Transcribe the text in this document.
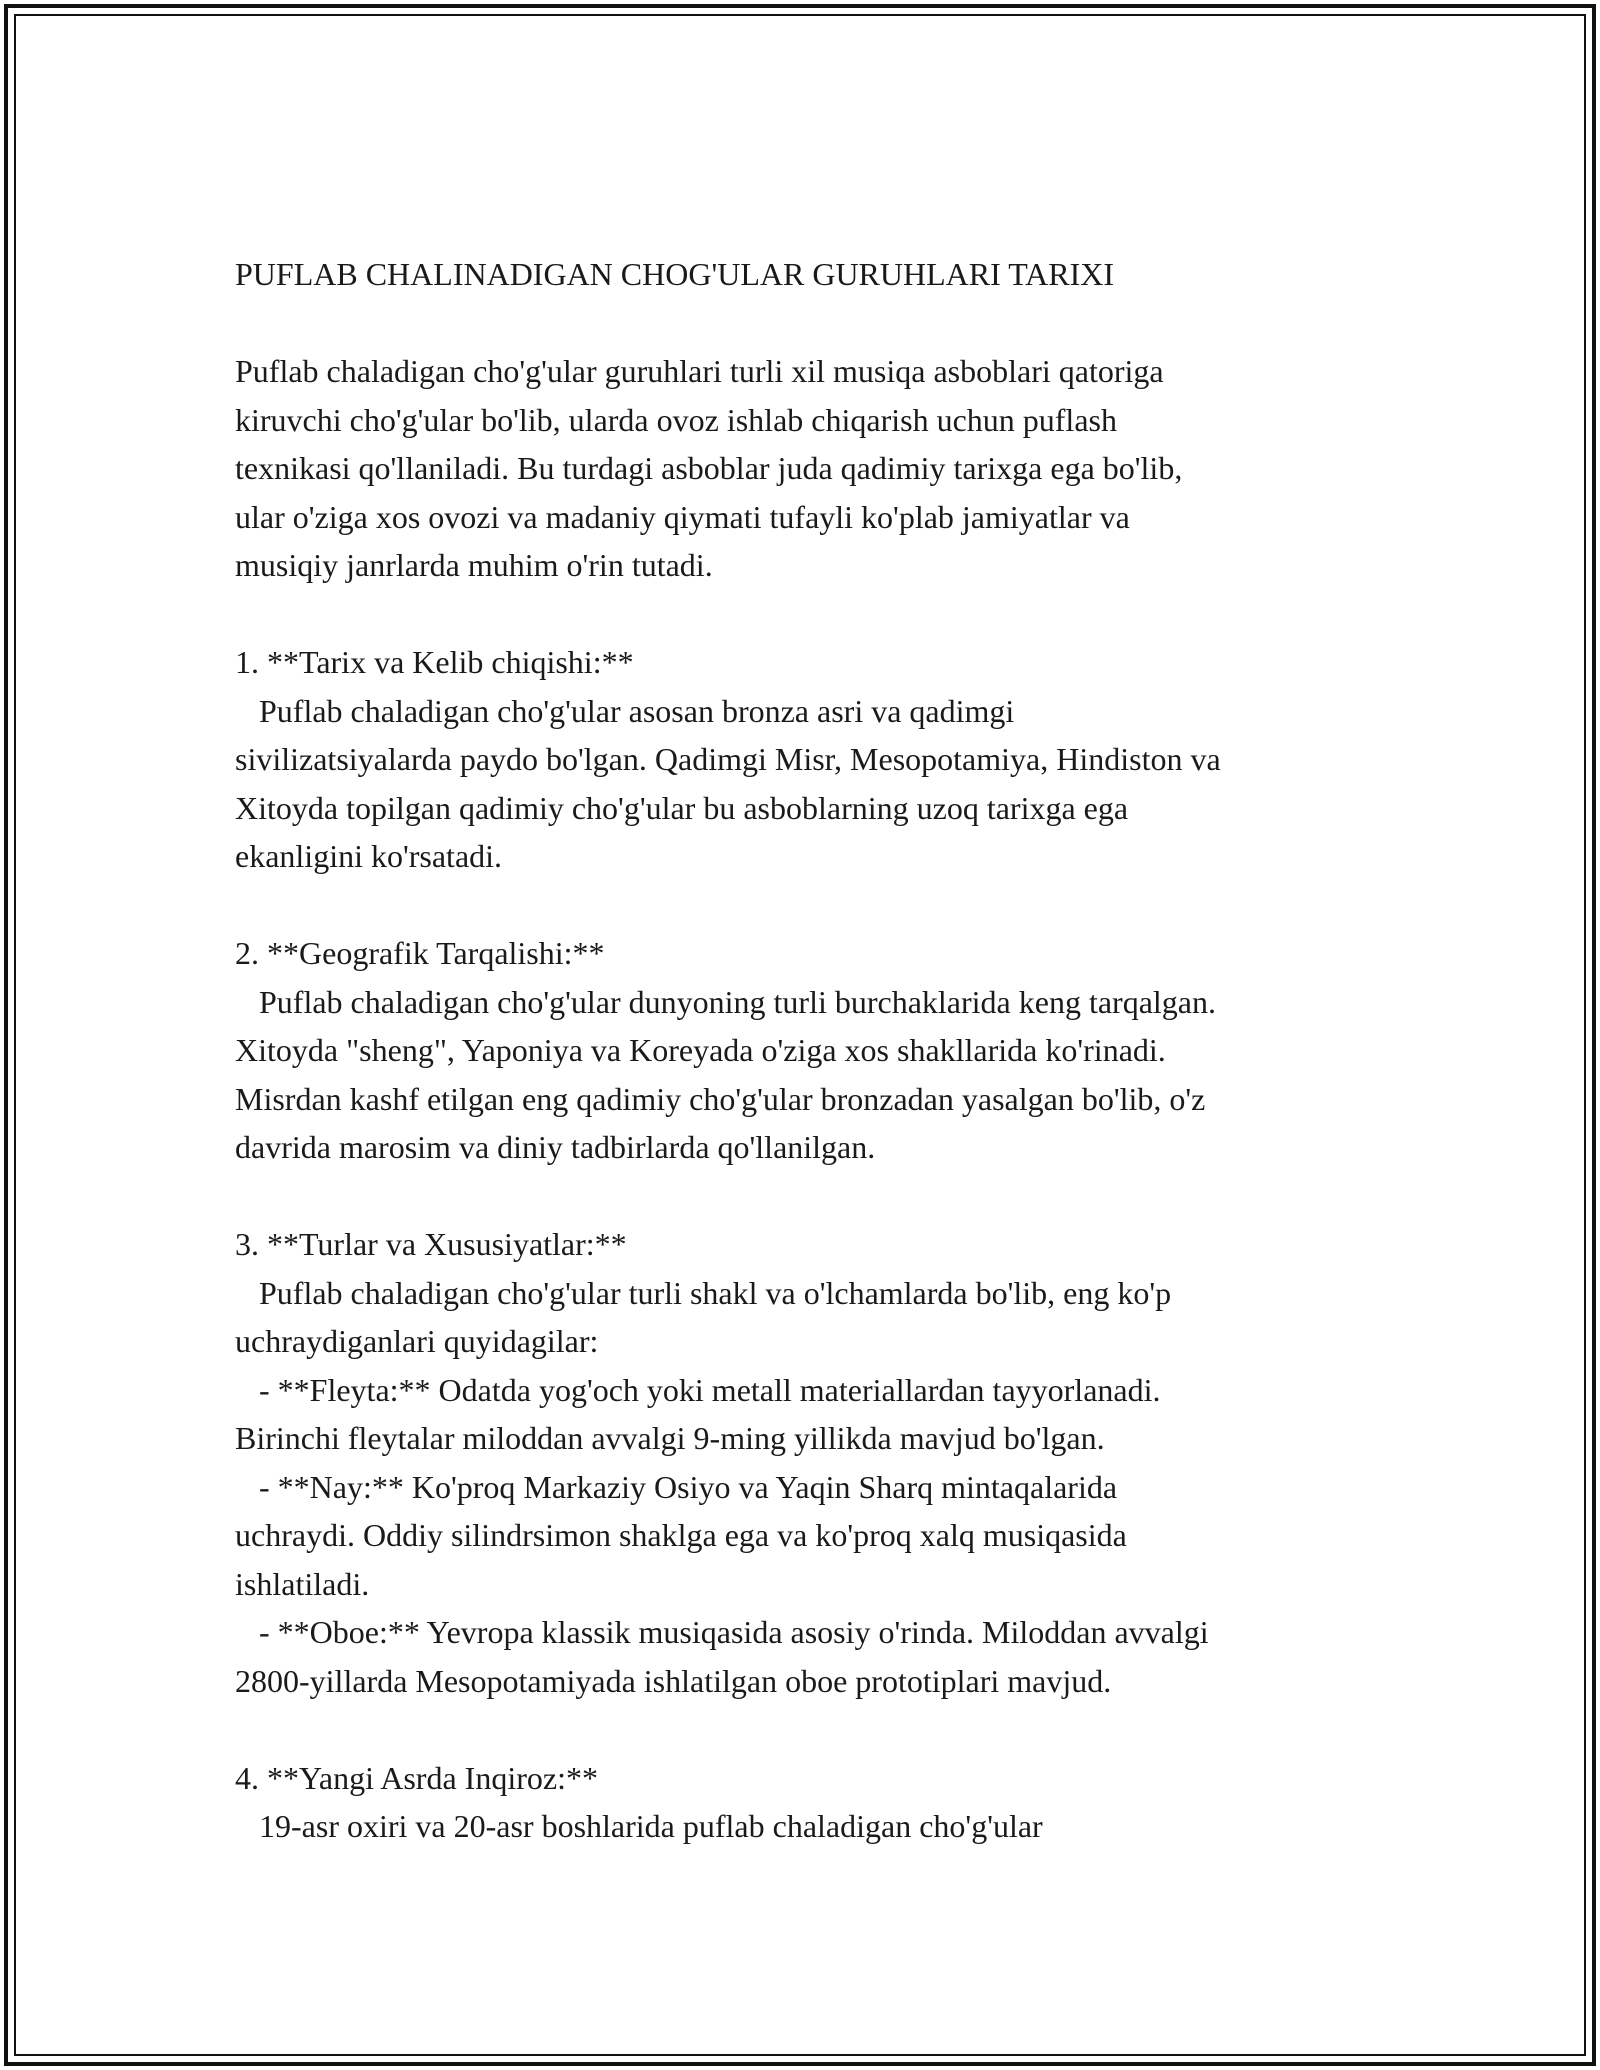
PUFLAB CHALINADIGAN CHOG'ULAR GURUHLARI TARIXI
Puflab chaladigan cho'g'ular guruhlari turli xil musiqa asboblari qatoriga
kiruvchi cho'g'ular bo'lib, ularda ovoz ishlab chiqarish uchun puflash
texnikasi qo'llaniladi. Bu turdagi asboblar juda qadimiy tarixga ega bo'lib,
ular o'ziga xos ovozi va madaniy qiymati tufayli ko'plab jamiyatlar va
musiqiy janrlarda muhim o'rin tutadi.
1. **Tarix va Kelib chiqishi:**
Puflab chaladigan cho'g'ular asosan bronza asri va qadimgi
sivilizatsiyalarda paydo bo'lgan. Qadimgi Misr, Mesopotamiya, Hindiston va
Xitoyda topilgan qadimiy cho'g'ular bu asboblarning uzoq tarixga ega
ekanligini ko'rsatadi.
2. **Geografik Tarqalishi:**
Puflab chaladigan cho'g'ular dunyoning turli burchaklarida keng tarqalgan.
Xitoyda "sheng", Yaponiya va Koreyada o'ziga xos shakllarida ko'rinadi.
Misrdan kashf etilgan eng qadimiy cho'g'ular bronzadan yasalgan bo'lib, o'z
davrida marosim va diniy tadbirlarda qo'llanilgan.
3. **Turlar va Xususiyatlar:**
Puflab chaladigan cho'g'ular turli shakl va o'lchamlarda bo'lib, eng ko'p
uchraydiganlari quyidagilar:
- **Fleyta:** Odatda yog'och yoki metall materiallardan tayyorlanadi.
Birinchi fleytalar miloddan avvalgi 9-ming yillikda mavjud bo'lgan.
- **Nay:** Ko'proq Markaziy Osiyo va Yaqin Sharq mintaqalarida
uchraydi. Oddiy silindrsimon shaklga ega va ko'proq xalq musiqasida
ishlatiladi.
- **Oboe:** Yevropa klassik musiqasida asosiy o'rinda. Miloddan avvalgi
2800-yillarda Mesopotamiyada ishlatilgan oboe prototiplari mavjud.
4. **Yangi Asrda Inqiroz:**
19-asr oxiri va 20-asr boshlarida puflab chaladigan cho'g'ular
